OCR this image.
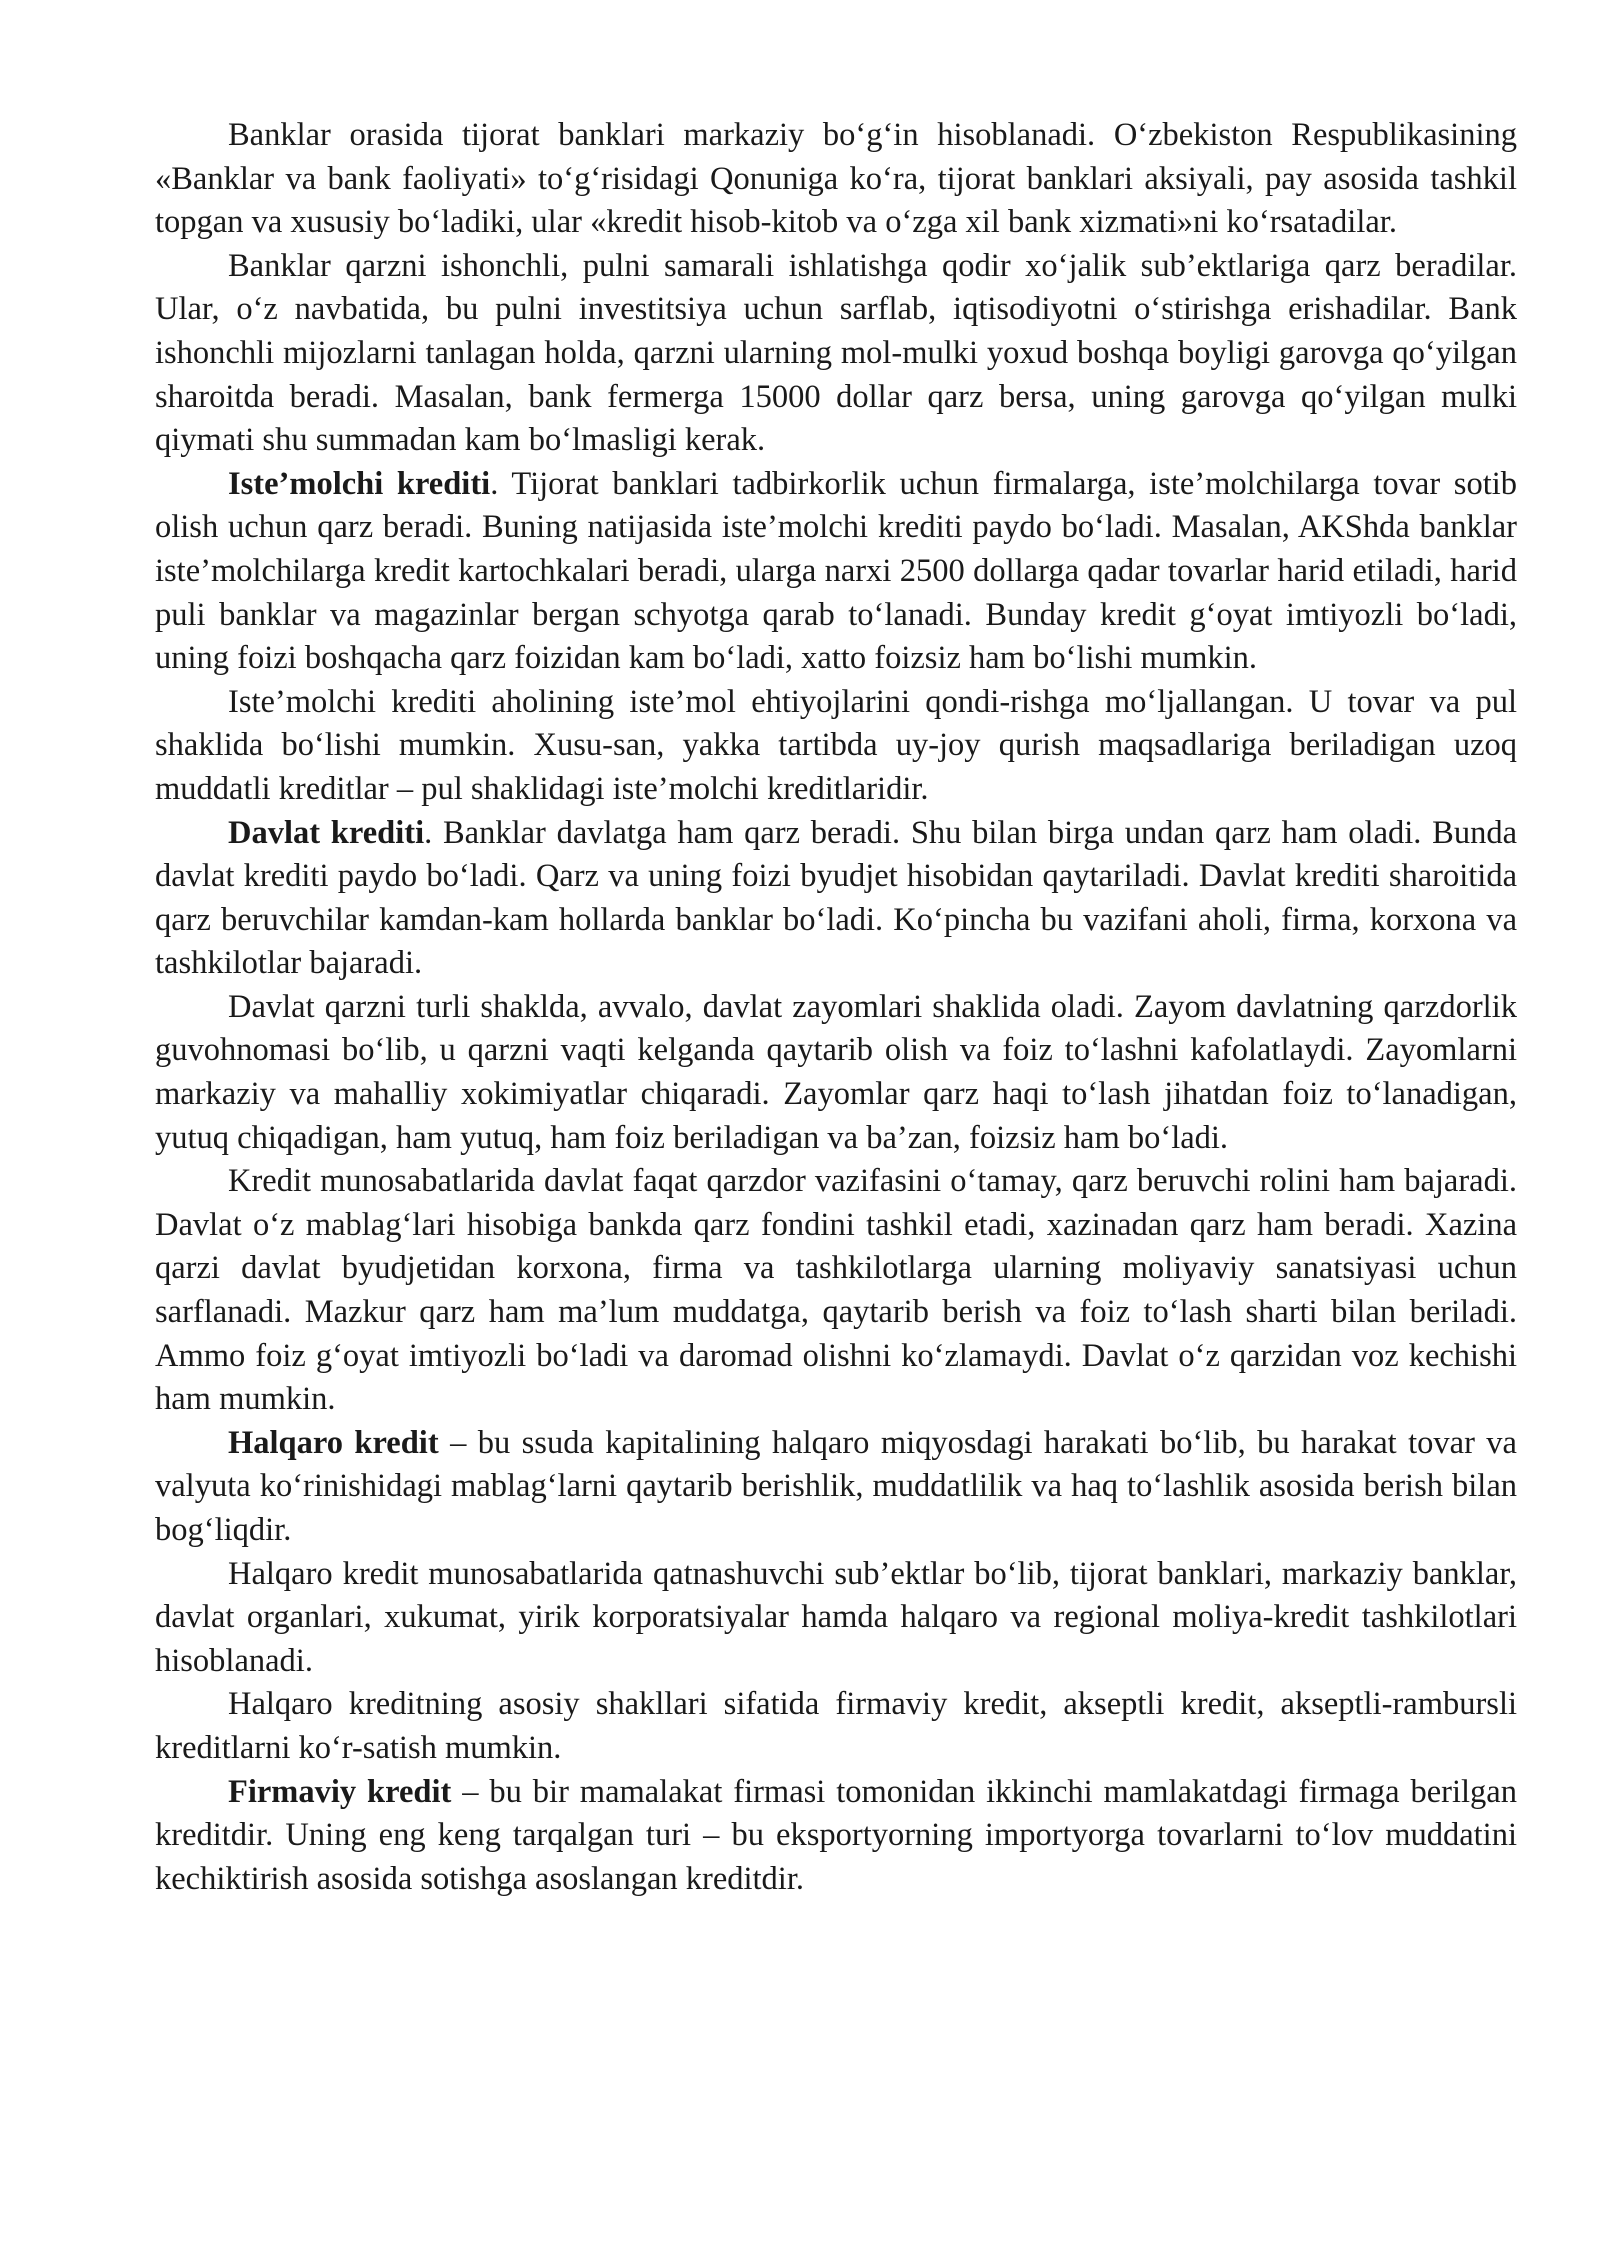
Banklar orasida tijorat banklari markaziy bo‘g‘in hisoblanadi. O‘zbekiston Respublikasining «Banklar va bank faoliyati» to‘g‘risidagi Qonuniga ko‘ra, tijorat banklari aksiyali, pay asosida tashkil topgan va xususiy bo‘ladiki, ular «kredit hisob-kitob va o‘zga xil bank xizmati»ni ko‘rsatadilar.

Banklar qarzni ishonchli, pulni samarali ishlatishga qodir xo‘jalik sub’ektlariga qarz beradilar. Ular, o‘z navbatida, bu pulni investitsiya uchun sarflab, iqtisodiyotni o‘stirishga erishadilar. Bank ishonchli mijozlarni tanlagan holda, qarzni ularning mol-mulki yoxud boshqa boyligi garovga qo‘yilgan sharoitda beradi. Masalan, bank fermerga 15000 dollar qarz bersa, uning garovga qo‘yilgan mulki qiymati shu summadan kam bo‘lmasligi kerak.

Iste’molchi krediti. Tijorat banklari tadbirkorlik uchun firmalarga, iste’molchilarga tovar sotib olish uchun qarz beradi. Buning natijasida iste’molchi krediti paydo bo‘ladi. Masalan, AKShda banklar iste’molchilarga kredit kartochkalari beradi, ularga narxi 2500 dollarga qadar tovarlar harid etiladi, harid puli banklar va magazinlar bergan schyotga qarab to‘lanadi. Bunday kredit g‘oyat imtiyozli bo‘ladi, uning foizi boshqacha qarz foizidan kam bo‘ladi, xatto foizsiz ham bo‘lishi mumkin.

Iste’molchi krediti aholining iste’mol ehtiyojlarini qondi-rishga mo‘ljallangan. U tovar va pul shaklida bo‘lishi mumkin. Xusu-san, yakka tartibda uy-joy qurish maqsadlariga beriladigan uzoq muddatli kreditlar – pul shaklidagi iste’molchi kreditlaridir.

Davlat krediti. Banklar davlatga ham qarz beradi. Shu bilan birga undan qarz ham oladi. Bunda davlat krediti paydo bo‘ladi. Qarz va uning foizi byudjet hisobidan qaytariladi. Davlat krediti sharoitida qarz beruvchilar kamdan-kam hollarda banklar bo‘ladi. Ko‘pincha bu vazifani aholi, firma, korxona va tashkilotlar bajaradi.

Davlat qarzni turli shaklda, avvalo, davlat zayomlari shaklida oladi. Zayom davlatning qarzdorlik guvohnomasi bo‘lib, u qarzni vaqti kelganda qaytarib olish va foiz to‘lashni kafolatlaydi. Zayomlarni markaziy va mahalliy xokimiyatlar chiqaradi. Zayomlar qarz haqi to‘lash jihatdan foiz to‘lanadigan, yutuq chiqadigan, ham yutuq, ham foiz beriladigan va ba’zan, foizsiz ham bo‘ladi.

Kredit munosabatlarida davlat faqat qarzdor vazifasini o‘tamay, qarz beruvchi rolini ham bajaradi. Davlat o‘z mablag‘lari hisobiga bankda qarz fondini tashkil etadi, xazinadan qarz ham beradi. Xazina qarzi davlat byudjetidan korxona, firma va tashkilotlarga ularning moliyaviy sanatsiyasi uchun sarflanadi. Mazkur qarz ham ma’lum muddatga, qaytarib berish va foiz to‘lash sharti bilan beriladi. Ammo foiz g‘oyat imtiyozli bo‘ladi va daromad olishni ko‘zlamaydi. Davlat o‘z qarzidan voz kechishi ham mumkin.

Halqaro kredit – bu ssuda kapitalining halqaro miqyosdagi harakati bo‘lib, bu harakat tovar va valyuta ko‘rinishidagi mablag‘larni qaytarib berishlik, muddatlilik va haq to‘lashlik asosida berish bilan bog‘liqdir.

Halqaro kredit munosabatlarida qatnashuvchi sub’ektlar bo‘lib, tijorat banklari, markaziy banklar, davlat organlari, xukumat, yirik korporatsiyalar hamda halqaro va regional moliya-kredit tashkilotlari hisoblanadi.

Halqaro kreditning asosiy shakllari sifatida firmaviy kredit, akseptli kredit, akseptli-rambursli kreditlarni ko‘r-satish mumkin.

Firmaviy kredit – bu bir mamalakat firmasi tomonidan ikkinchi mamlakatdagi firmaga berilgan kreditdir. Uning eng keng tarqalgan turi – bu eksportyorning importyorga tovarlarni to‘lov muddatini kechiktirish asosida sotishga asoslangan kreditdir.
